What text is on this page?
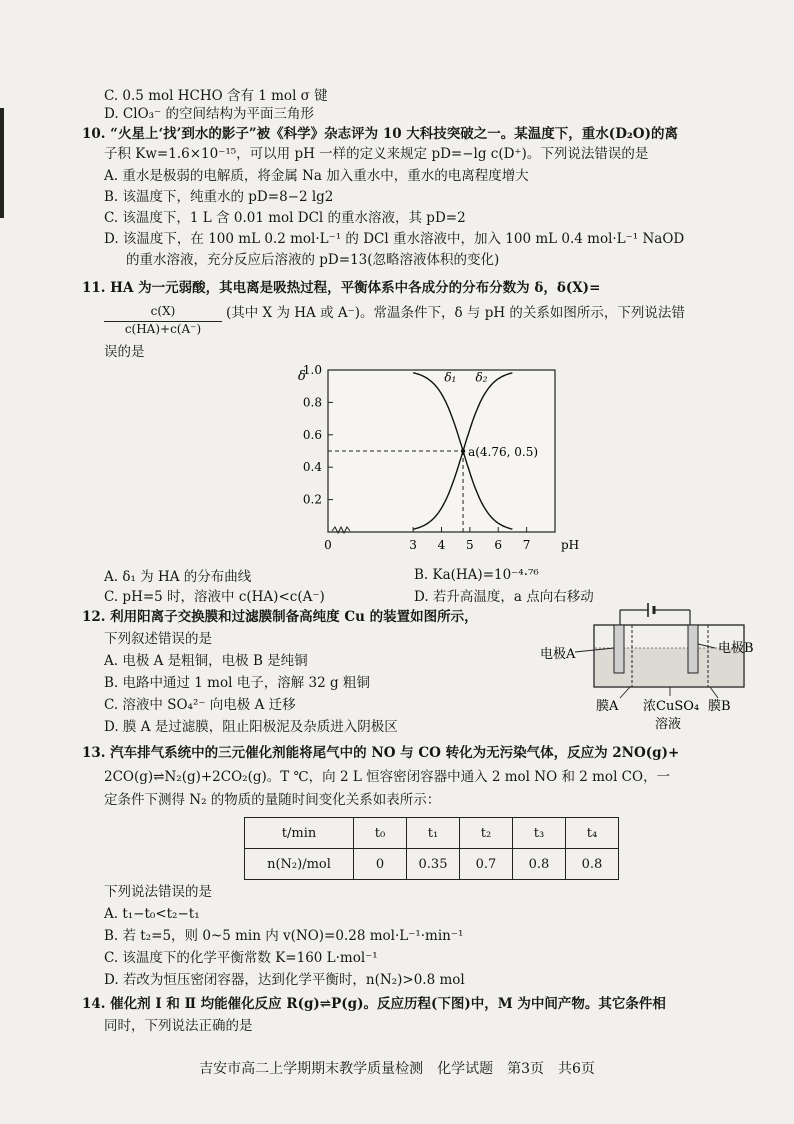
C. 0.5 mol HCHO 含有 1 mol σ 键
D. ClO₃⁻ 的空间结构为平面三角形
10. “火星上‘找’到水的影子”被《科学》杂志评为 10 大科技突破之一。某温度下，重水(D₂O)的离
子积 Kw=1.6×10⁻¹⁵，可以用 pH 一样的定义来规定 pD=−lg c(D⁺)。下列说法错误的是
A. 重水是极弱的电解质，将金属 Na 加入重水中，重水的电离程度增大
B. 该温度下，纯重水的 pD=8−2 lg2
C. 该温度下，1 L 含 0.01 mol DCl 的重水溶液，其 pD=2
D. 该温度下，在 100 mL 0.2 mol·L⁻¹ 的 DCl 重水溶液中，加入 100 mL 0.4 mol·L⁻¹ NaOD
的重水溶液，充分反应后溶液的 pD=13(忽略溶液体积的变化)
11. HA 为一元弱酸，其电离是吸热过程，平衡体系中各成分的分布分数为 δ，δ(X)=
c(X)
c(HA)+c(A⁻)
(其中 X 为 HA 或 A⁻)。常温条件下，δ 与 pH 的关系如图所示，下列说法错
误的是
0.2
0.4
0.6
0.8
1.0
0	3 4 5 6 7	pH
δ	δ₁ δ₂
a(4.76, 0.5)
A. δ₁ 为 HA 的分布曲线	B. Ka(HA)=10⁻⁴·⁷⁶
C. pH=5 时，溶液中 c(HA)<c(A⁻)	D. 若升高温度，a 点向右移动
12. 利用阳离子交换膜和过滤膜制备高纯度 Cu 的装置如图所示，
下列叙述错误的是
A. 电极 A 是粗铜，电极 B 是纯铜
B. 电路中通过 1 mol 电子，溶解 32 g 粗铜
C. 溶液中 SO₄²⁻ 向电极 A 迁移
D. 膜 A 是过滤膜，阻止阳极泥及杂质进入阴极区
电极A	电极B
膜A 浓CuSO₄
溶液
膜B
13. 汽车排气系统中的三元催化剂能将尾气中的 NO 与 CO 转化为无污染气体，反应为 2NO(g)+
2CO(g)⇌N₂(g)+2CO₂(g)。T ℃，向 2 L 恒容密闭容器中通入 2 mol NO 和 2 mol CO，一
定条件下测得 N₂ 的物质的量随时间变化关系如表所示：
t/min	t₀	t₁	t₂	t₃	t₄
n(N₂)/mol	0	0.35	0.7	0.8	0.8
下列说法错误的是
A. t₁−t₀<t₂−t₁
B. 若 t₂=5，则 0~5 min 内 v(NO)=0.28 mol·L⁻¹·min⁻¹
C. 该温度下的化学平衡常数 K=160 L·mol⁻¹
D. 若改为恒压密闭容器，达到化学平衡时，n(N₂)>0.8 mol
14. 催化剂 Ⅰ 和 Ⅱ 均能催化反应 R(g)⇌P(g)。反应历程(下图)中，M 为中间产物。其它条件相
同时，下列说法正确的是
吉安市高二上学期期末教学质量检测　化学试题　第3页　共6页
